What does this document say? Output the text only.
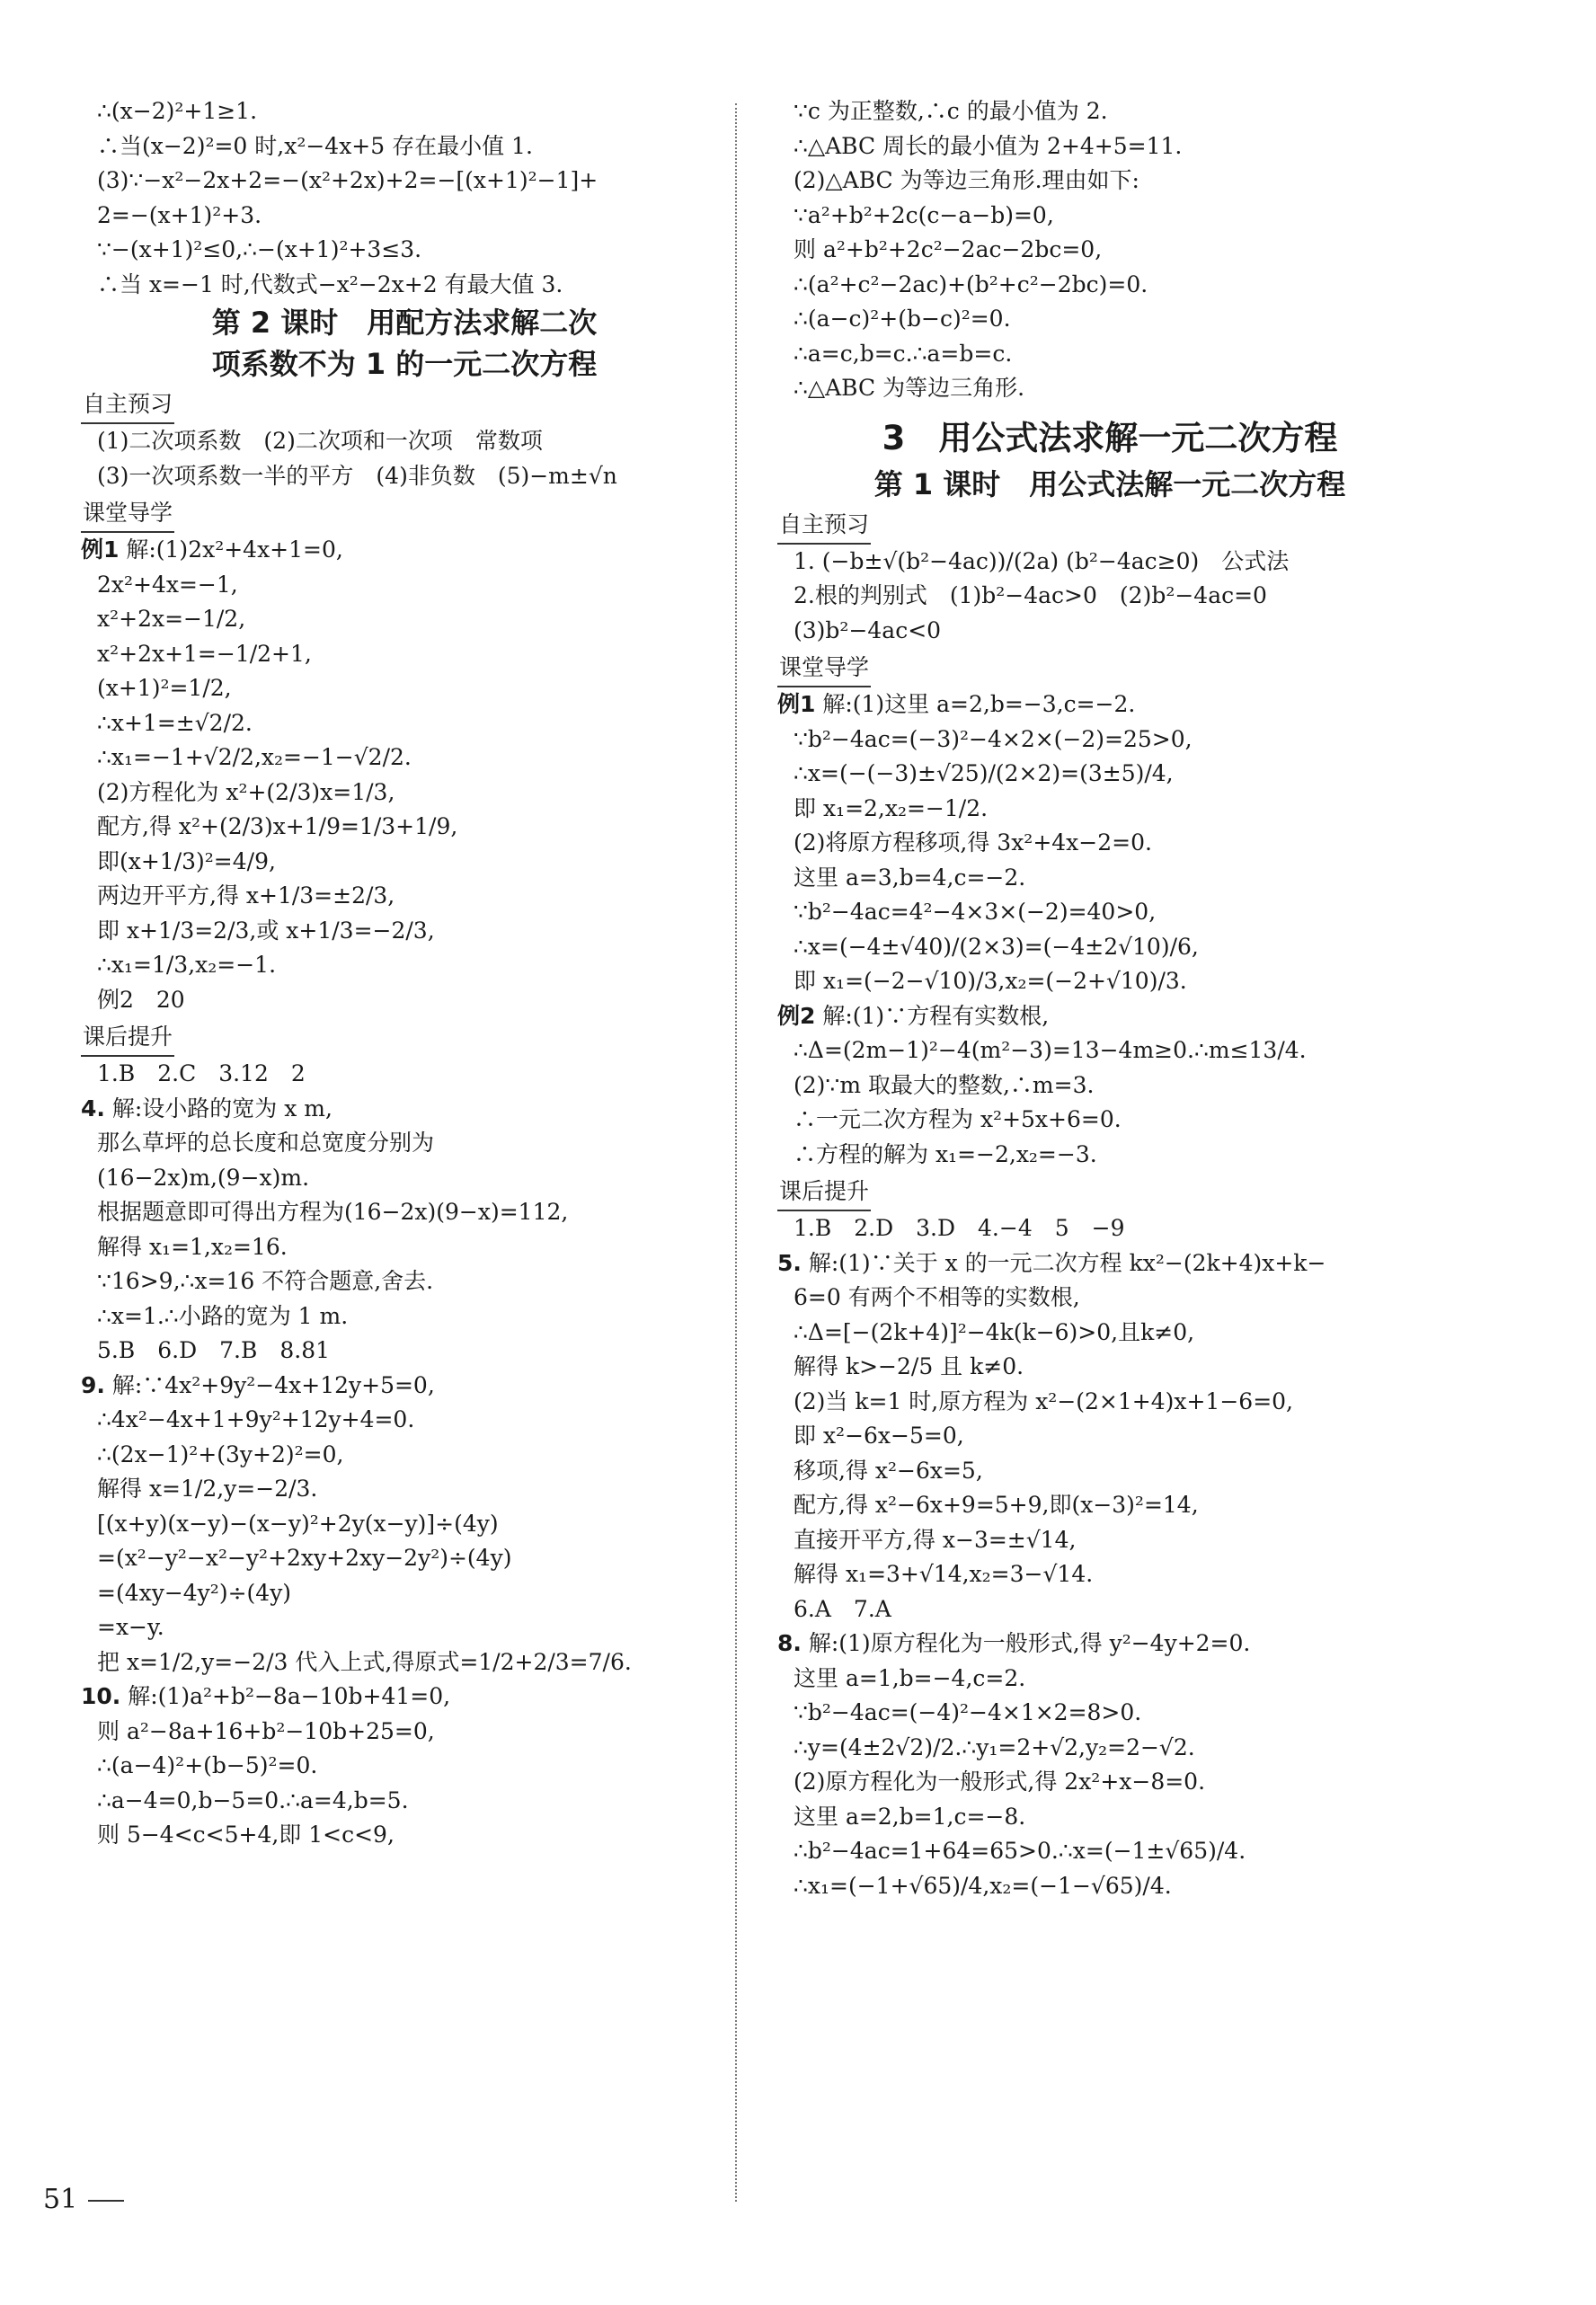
∴(x−2)²+1≥1.
∴当(x−2)²=0 时,x²−4x+5 存在最小值 1.
(3)∵−x²−2x+2=−(x²+2x)+2=−[(x+1)²−1]+
2=−(x+1)²+3.
∵−(x+1)²≤0,∴−(x+1)²+3≤3.
∴当 x=−1 时,代数式−x²−2x+2 有最大值 3.
第 2 课时　用配方法求解二次
项系数不为 1 的一元二次方程
自主预习
(1)二次项系数　(2)二次项和一次项　常数项
(3)一次项系数一半的平方　(4)非负数　(5)−m±√n
课堂导学
例1 解:(1)2x²+4x+1=0,
2x²+4x=−1,
x²+2x=−1/2,
x²+2x+1=−1/2+1,
(x+1)²=1/2,
∴x+1=±√2/2.
∴x₁=−1+√2/2,x₂=−1−√2/2.
(2)方程化为 x²+(2/3)x=1/3,
配方,得 x²+(2/3)x+1/9=1/3+1/9,
即(x+1/3)²=4/9,
两边开平方,得 x+1/3=±2/3,
即 x+1/3=2/3,或 x+1/3=−2/3,
∴x₁=1/3,x₂=−1.
例2　20
课后提升
1.B　2.C　3.12　2
4. 解:设小路的宽为 x m,
那么草坪的总长度和总宽度分别为
(16−2x)m,(9−x)m.
根据题意即可得出方程为(16−2x)(9−x)=112,
解得 x₁=1,x₂=16.
∵16>9,∴x=16 不符合题意,舍去.
∴x=1.∴小路的宽为 1 m.
5.B　6.D　7.B　8.81
9. 解:∵4x²+9y²−4x+12y+5=0,
∴4x²−4x+1+9y²+12y+4=0.
∴(2x−1)²+(3y+2)²=0,
解得 x=1/2,y=−2/3.
[(x+y)(x−y)−(x−y)²+2y(x−y)]÷(4y)
=(x²−y²−x²−y²+2xy+2xy−2y²)÷(4y)
=(4xy−4y²)÷(4y)
=x−y.
把 x=1/2,y=−2/3 代入上式,得原式=1/2+2/3=7/6.
10. 解:(1)a²+b²−8a−10b+41=0,
则 a²−8a+16+b²−10b+25=0,
∴(a−4)²+(b−5)²=0.
∴a−4=0,b−5=0.∴a=4,b=5.
则 5−4<c<5+4,即 1<c<9,
∵c 为正整数,∴c 的最小值为 2.
∴△ABC 周长的最小值为 2+4+5=11.
(2)△ABC 为等边三角形.理由如下:
∵a²+b²+2c(c−a−b)=0,
则 a²+b²+2c²−2ac−2bc=0,
∴(a²+c²−2ac)+(b²+c²−2bc)=0.
∴(a−c)²+(b−c)²=0.
∴a=c,b=c.∴a=b=c.
∴△ABC 为等边三角形.
3　用公式法求解一元二次方程
第 1 课时　用公式法解一元二次方程
自主预习
1. (−b±√(b²−4ac))/(2a) (b²−4ac≥0)　公式法
2.根的判别式　(1)b²−4ac>0　(2)b²−4ac=0
(3)b²−4ac<0
课堂导学
例1 解:(1)这里 a=2,b=−3,c=−2.
∵b²−4ac=(−3)²−4×2×(−2)=25>0,
∴x=(−(−3)±√25)/(2×2)=(3±5)/4,
即 x₁=2,x₂=−1/2.
(2)将原方程移项,得 3x²+4x−2=0.
这里 a=3,b=4,c=−2.
∵b²−4ac=4²−4×3×(−2)=40>0,
∴x=(−4±√40)/(2×3)=(−4±2√10)/6,
即 x₁=(−2−√10)/3,x₂=(−2+√10)/3.
例2 解:(1)∵方程有实数根,
∴Δ=(2m−1)²−4(m²−3)=13−4m≥0.∴m≤13/4.
(2)∵m 取最大的整数,∴m=3.
∴一元二次方程为 x²+5x+6=0.
∴方程的解为 x₁=−2,x₂=−3.
课后提升
1.B　2.D　3.D　4.−4　5　−9
5. 解:(1)∵关于 x 的一元二次方程 kx²−(2k+4)x+k−
6=0 有两个不相等的实数根,
∴Δ=[−(2k+4)]²−4k(k−6)>0,且k≠0,
解得 k>−2/5 且 k≠0.
(2)当 k=1 时,原方程为 x²−(2×1+4)x+1−6=0,
即 x²−6x−5=0,
移项,得 x²−6x=5,
配方,得 x²−6x+9=5+9,即(x−3)²=14,
直接开平方,得 x−3=±√14,
解得 x₁=3+√14,x₂=3−√14.
6.A　7.A
8. 解:(1)原方程化为一般形式,得 y²−4y+2=0.
这里 a=1,b=−4,c=2.
∵b²−4ac=(−4)²−4×1×2=8>0.
∴y=(4±2√2)/2.∴y₁=2+√2,y₂=2−√2.
(2)原方程化为一般形式,得 2x²+x−8=0.
这里 a=2,b=1,c=−8.
∴b²−4ac=1+64=65>0.∴x=(−1±√65)/4.
∴x₁=(−1+√65)/4,x₂=(−1−√65)/4.
51
